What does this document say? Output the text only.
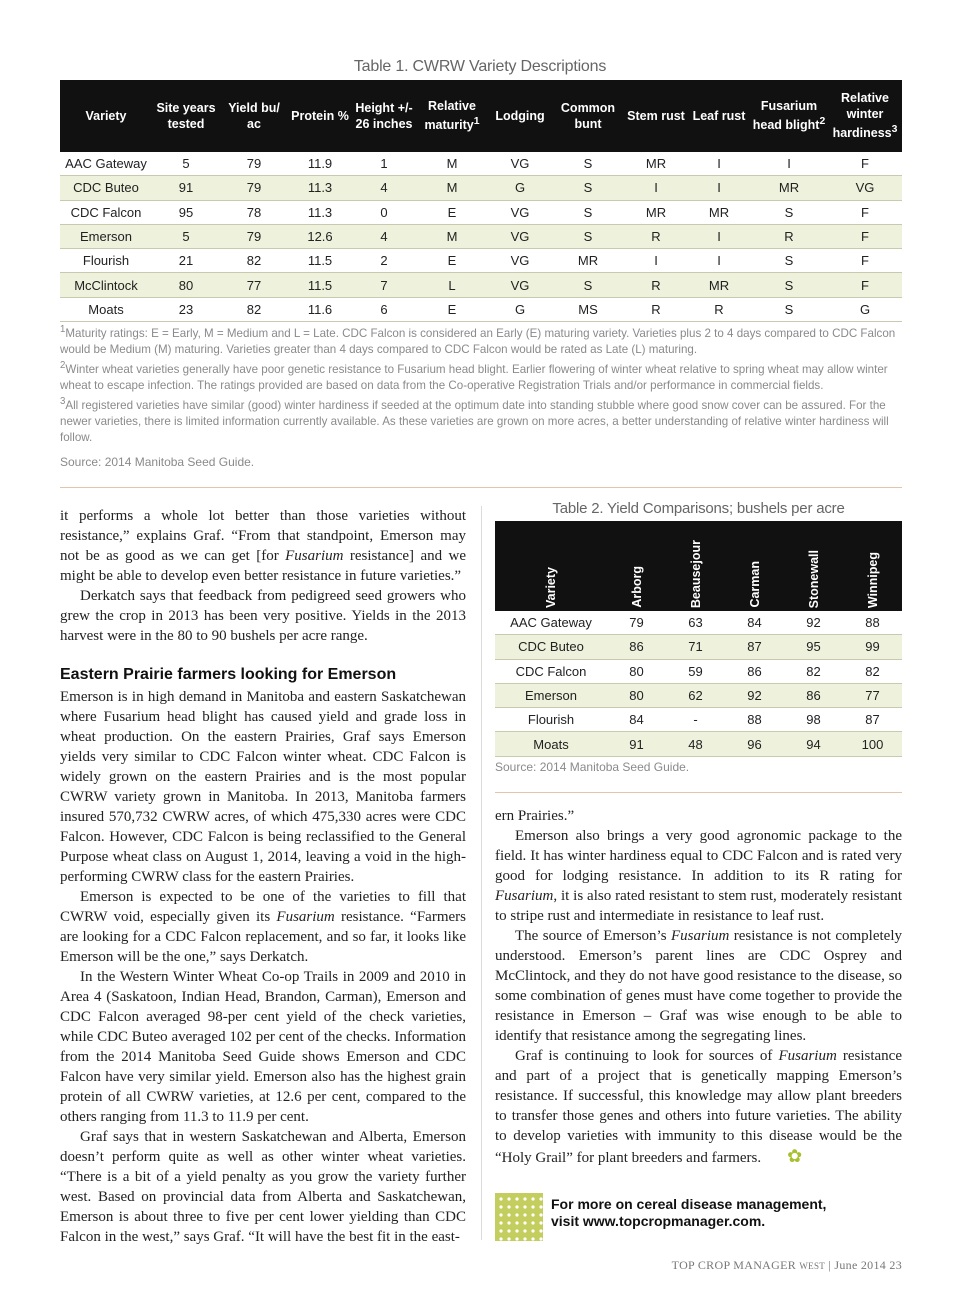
Table 1. CWRW Variety Descriptions
Variety	Site years tested	Yield bu/ ac	Protein %	Height +/- 26 inches	Relative maturity$^1$	Lodging	Common bunt	Stem rust	Leaf rust	Fusarium head blight$^2$	Relative winter hardiness$^3$
AAC Gateway	5	79	11.9	1	M	VG	S	MR	I	I	F
CDC Buteo	91	79	11.3	4	M	G	S	I	I	MR	VG
CDC Falcon	95	78	11.3	0	E	VG	S	MR	MR	S	F
Emerson	5	79	12.6	4	M	VG	S	R	I	R	F
Flourish	21	82	11.5	2	E	VG	MR	I	I	S	F
McClintock	80	77	11.5	7	L	VG	S	R	MR	S	F
Moats	23	82	11.6	6	E	G	MS	R	R	S	G

$^1$Maturity ratings: E = Early, M = Medium and L = Late. CDC Falcon is considered an Early (E) maturing variety. Varieties plus 2 to 4 days compared to CDC Falcon would be Medium (M) maturing. Varieties greater than 4 days compared to CDC Falcon would be rated as Late (L) maturing.

$^2$Winter wheat varieties generally have poor genetic resistance to Fusarium head blight. Earlier flowering of winter wheat relative to spring wheat may allow winter wheat to escape infection. The ratings provided are based on data from the Co-operative Registration Trials and/or performance in commercial fields.

$^3$All registered varieties have similar (good) winter hardiness if seeded at the optimum date into standing stubble where good snow cover can be assured. For the newer varieties, there is limited information currently available. As these varieties are grown on more acres, a better understanding of relative winter hardiness will follow.

Source: 2014 Manitoba Seed Guide.

it performs a whole lot better than those varieties without resistance,” explains Graf. “From that standpoint, Emerson may not be as good as we can get [for Fusarium resistance] and we might be able to develop even better resistance in future varieties.”

Derkatch says that feedback from pedigreed seed growers who grew the crop in 2013 has been very positive. Yields in the 2013 harvest were in the 80 to 90 bushels per acre range.

Eastern Prairie farmers looking for Emerson

Emerson is in high demand in Manitoba and eastern Saskatchewan where Fusarium head blight has caused yield and grade loss in wheat production. On the eastern Prairies, Graf says Emerson yields very similar to CDC Falcon winter wheat. CDC Falcon is widely grown on the eastern Prairies and is the most popular CWRW variety grown in Manitoba. In 2013, Manitoba farmers insured 570,732 CWRW acres, of which 475,330 acres were CDC Falcon. However, CDC Falcon is being reclassified to the General Purpose wheat class on August 1, 2014, leaving a void in the high-performing CWRW class for the eastern Prairies.

Emerson is expected to be one of the varieties to fill that CWRW void, especially given its Fusarium resistance. “Farmers are looking for a CDC Falcon replacement, and so far, it looks like Emerson will be the one,” says Derkatch.

In the Western Winter Wheat Co-op Trails in 2009 and 2010 in Area 4 (Saskatoon, Indian Head, Brandon, Carman), Emerson and CDC Falcon averaged 98-per cent yield of the check varieties, while CDC Buteo averaged 102 per cent of the checks. Information from the 2014 Manitoba Seed Guide shows Emerson and CDC Falcon have very similar yield. Emerson also has the highest grain protein of all CWRW varieties, at 12.6 per cent, compared to the others ranging from 11.3 to 11.9 per cent.

Graf says that in western Saskatchewan and Alberta, Emerson doesn’t perform quite as well as other winter wheat varieties. “There is a bit of a yield penalty as you grow the variety further west. Based on provincial data from Alberta and Saskatchewan, Emerson is about three to five per cent lower yielding than CDC Falcon in the west,” says Graf. “It will have the best fit in the east-

Table 2. Yield Comparisons; bushels per acre
Variety	Arborg	Beausejour	Carman	Stonewall	Winnipeg
AAC Gateway	79	63	84	92	88
CDC Buteo	86	71	87	95	99
CDC Falcon	80	59	86	82	82
Emerson	80	62	92	86	77
Flourish	84	-	88	98	87
Moats	91	48	96	94	100
Source: 2014 Manitoba Seed Guide.

ern Prairies.”

Emerson also brings a very good agronomic package to the field. It has winter hardiness equal to CDC Falcon and is rated very good for lodging resistance. In addition to its R rating for Fusarium, it is also rated resistant to stem rust, moderately resistant to stripe rust and intermediate in resistance to leaf rust.

The source of Emerson’s Fusarium resistance is not completely understood. Emerson’s parent lines are CDC Osprey and McClintock, and they do not have good resistance to the disease, so some combination of genes must have come together to provide the resistance in Emerson – Graf was wise enough to be able to identify that resistance among the segregating lines.

Graf is continuing to look for sources of Fusarium resistance and part of a project that is genetically mapping Emerson’s resistance. If successful, this knowledge may allow plant breeders to transfer those genes and others into future varieties. The ability to develop varieties with immunity to this disease would be the “Holy Grail” for plant breeders and farmers. ✿

For more on cereal disease management,
visit www.topcropmanager.com.
TOP CROP MANAGER WEST | June 2014 23
